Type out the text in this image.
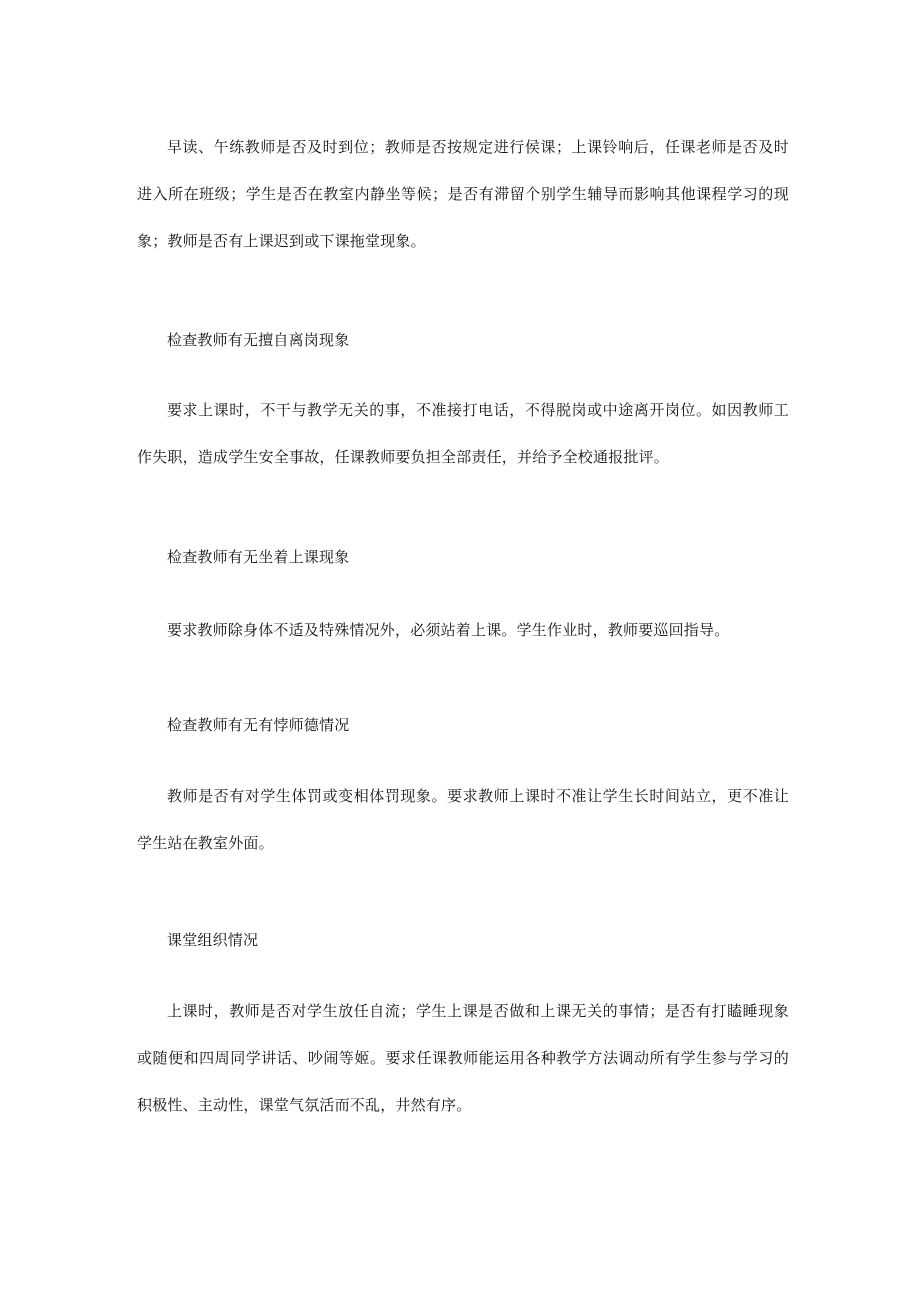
早读、午练教师是否及时到位；教师是否按规定进行侯课；上课铃响后，任课老师是否及时进入所在班级；学生是否在教室内静坐等候；是否有滞留个别学生辅导而影响其他课程学习的现象；教师是否有上课迟到或下课拖堂现象。

检查教师有无擅自离岗现象

要求上课时，不干与教学无关的事，不准接打电话，不得脱岗或中途离开岗位。如因教师工作失职，造成学生安全事故，任课教师要负担全部责任，并给予全校通报批评。

检查教师有无坐着上课现象

要求教师除身体不适及特殊情况外，必须站着上课。学生作业时，教师要巡回指导。

检查教师有无有悖师德情况

教师是否有对学生体罚或变相体罚现象。要求教师上课时不准让学生长时间站立，更不准让学生站在教室外面。

课堂组织情况

上课时，教师是否对学生放任自流；学生上课是否做和上课无关的事情；是否有打瞌睡现象或随便和四周同学讲话、吵闹等姬。要求任课教师能运用各种教学方法调动所有学生参与学习的积极性、主动性，课堂气氛活而不乱，井然有序。
